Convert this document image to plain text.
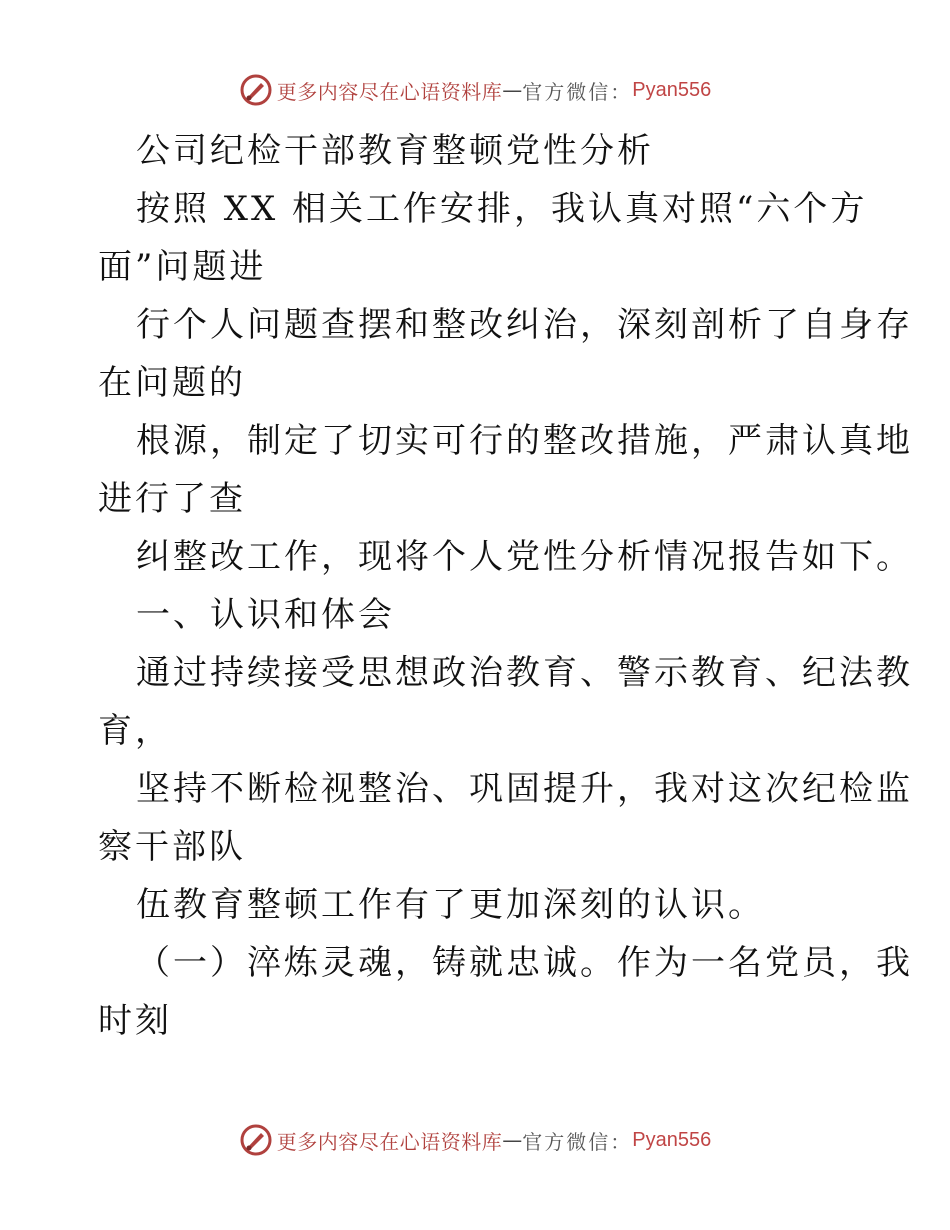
更多内容尽在心语资料库 — 官方微信： Pyan556
公司纪检干部教育整顿党性分析
按照 XX 相关工作安排，我认真对照“六个方
面”问题进
行个人问题查摆和整改纠治，深刻剖析了自身存
在问题的
根源，制定了切实可行的整改措施，严肃认真地
进行了查
纠整改工作，现将个人党性分析情况报告如下。
一、认识和体会
通过持续接受思想政治教育、警示教育、纪法教
育，
坚持不断检视整治、巩固提升，我对这次纪检监
察干部队
伍教育整顿工作有了更加深刻的认识。
（一）淬炼灵魂，铸就忠诚。作为一名党员，我
时刻
更多内容尽在心语资料库 — 官方微信： Pyan556
